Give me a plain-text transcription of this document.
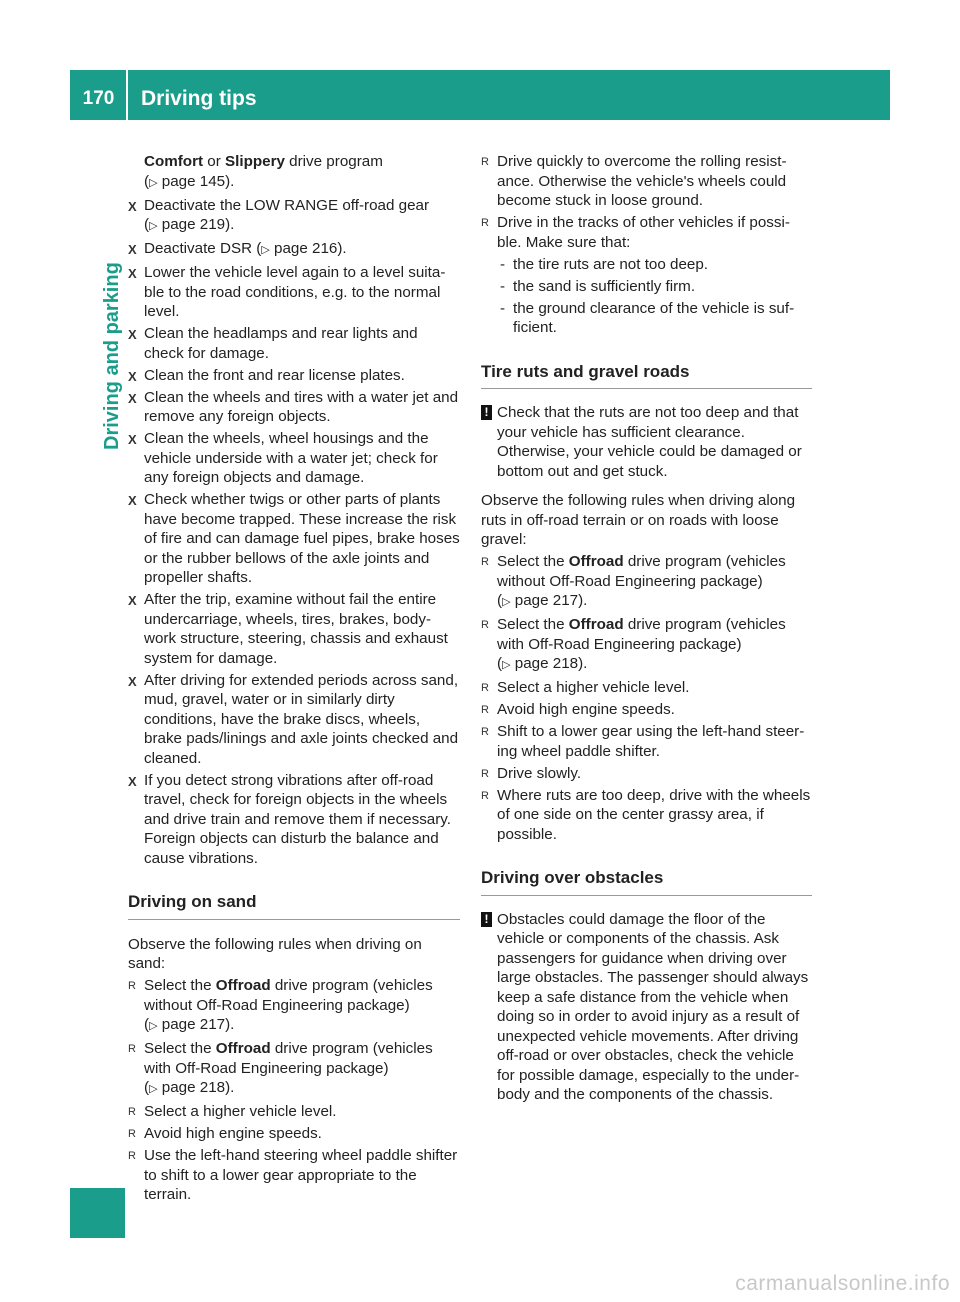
170	Driving tips
Driving and parking
Comfort or Slippery drive program
(▷ page 145).
X Deactivate the LOW RANGE off-road gear
(▷ page 219).
X Deactivate DSR (▷ page 216).
X Lower the vehicle level again to a level suita-ble to the road conditions, e.g. to the normal level.
X Clean the headlamps and rear lights and check for damage.
X Clean the front and rear license plates.
X Clean the wheels and tires with a water jet and remove any foreign objects.
X Clean the wheels, wheel housings and the vehicle underside with a water jet; check for any foreign objects and damage.
X Check whether twigs or other parts of plants have become trapped. These increase the risk of fire and can damage fuel pipes, brake hoses or the rubber bellows of the axle joints and propeller shafts.
X After the trip, examine without fail the entire undercarriage, wheels, tires, brakes, body-work structure, steering, chassis and exhaust system for damage.
X After driving for extended periods across sand, mud, gravel, water or in similarly dirty conditions, have the brake discs, wheels, brake pads/linings and axle joints checked and cleaned.
X If you detect strong vibrations after off-road travel, check for foreign objects in the wheels and drive train and remove them if necessary. Foreign objects can disturb the balance and cause vibrations.
Driving on sand
Observe the following rules when driving on sand:
R Select the Offroad drive program (vehicles without Off-Road Engineering package)
(▷ page 217).
R Select the Offroad drive program (vehicles with Off-Road Engineering package)
(▷ page 218).
R Select a higher vehicle level.
R Avoid high engine speeds.
R Use the left-hand steering wheel paddle shifter to shift to a lower gear appropriate to the terrain.
R Drive quickly to overcome the rolling resist-ance. Otherwise the vehicle's wheels could become stuck in loose ground.
R Drive in the tracks of other vehicles if possi-ble. Make sure that:
- the tire ruts are not too deep.
- the sand is sufficiently firm.
- the ground clearance of the vehicle is suf-ficient.
Tire ruts and gravel roads
! Check that the ruts are not too deep and that your vehicle has sufficient clearance. Otherwise, your vehicle could be damaged or bottom out and get stuck.
Observe the following rules when driving along ruts in off-road terrain or on roads with loose gravel:
R Select the Offroad drive program (vehicles without Off-Road Engineering package)
(▷ page 217).
R Select the Offroad drive program (vehicles with Off-Road Engineering package)
(▷ page 218).
R Select a higher vehicle level.
R Avoid high engine speeds.
R Shift to a lower gear using the left-hand steer-ing wheel paddle shifter.
R Drive slowly.
R Where ruts are too deep, drive with the wheels of one side on the center grassy area, if possible.
Driving over obstacles
! Obstacles could damage the floor of the vehicle or components of the chassis. Ask passengers for guidance when driving over large obstacles. The passenger should always keep a safe distance from the vehicle when doing so in order to avoid injury as a result of unexpected vehicle movements. After driving off-road or over obstacles, check the vehicle for possible damage, especially to the under-body and the components of the chassis.
carmanualsonline.info
